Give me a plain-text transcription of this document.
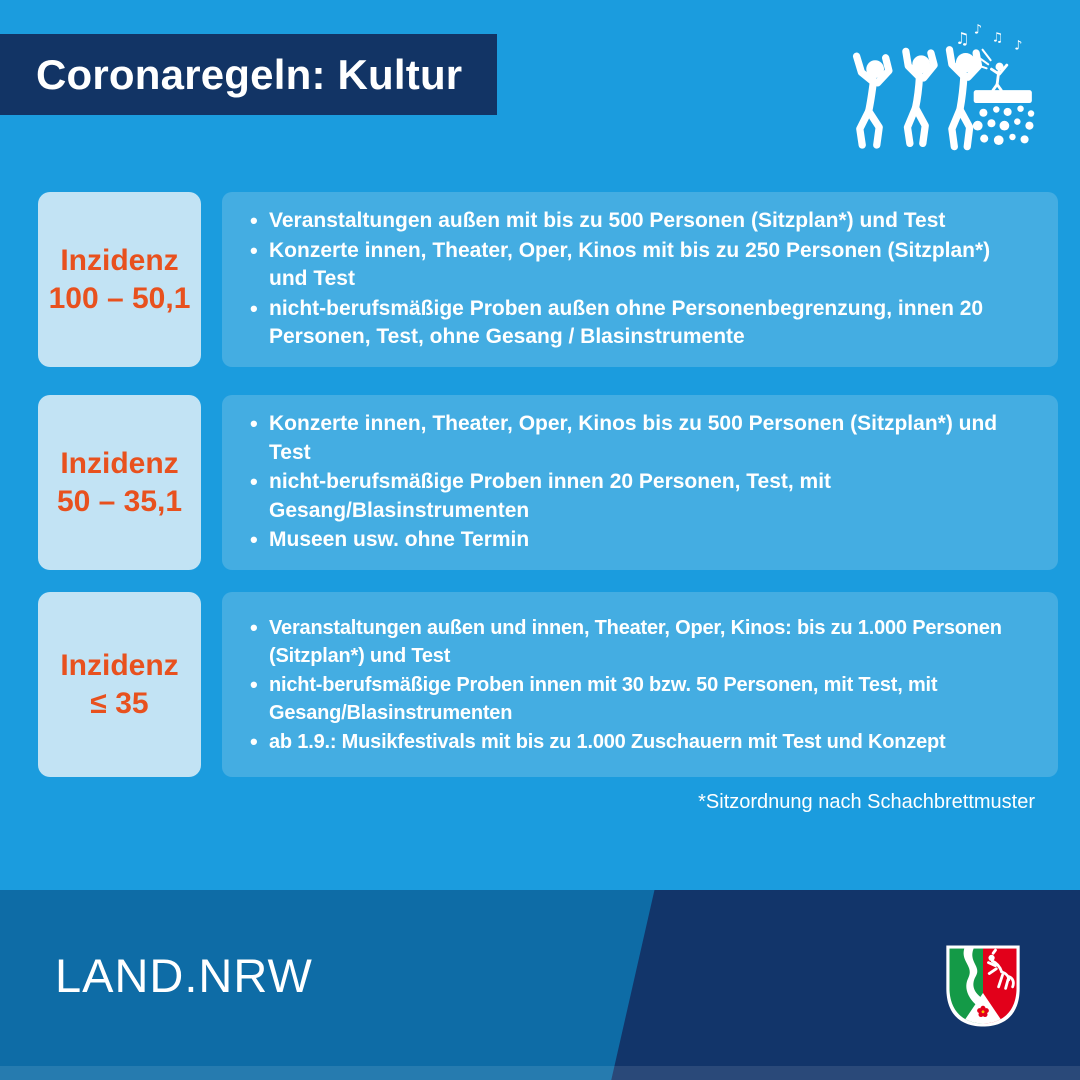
Coronaregeln: Kultur
♫ ♪
♫
♪
Inzidenz
100 – 50,1
• Veranstaltungen außen mit bis zu 500 Personen (Sitzplan*) und Test
• Konzerte innen, Theater, Oper, Kinos mit bis zu 250 Personen (Sitzplan*) und Test
• nicht-berufsmäßige Proben außen ohne Personenbegrenzung, innen 20 Personen, Test, ohne Gesang / Blasinstrumente
Inzidenz
50 – 35,1
• Konzerte innen, Theater, Oper, Kinos bis zu 500 Personen (Sitzplan*) und Test
• nicht-berufsmäßige Proben innen 20 Personen, Test, mit Gesang/Blasinstrumenten
• Museen usw. ohne Termin
Inzidenz
≤ 35
• Veranstaltungen außen und innen, Theater, Oper, Kinos: bis zu 1.000 Personen (Sitzplan*) und Test
• nicht-berufsmäßige Proben innen mit 30 bzw. 50 Personen, mit Test, mit Gesang/Blasinstrumenten
• ab 1.9.: Musikfestivals mit bis zu 1.000 Zuschauern mit Test und Konzept
*Sitzordnung nach Schachbrettmuster
LAND.NRW
